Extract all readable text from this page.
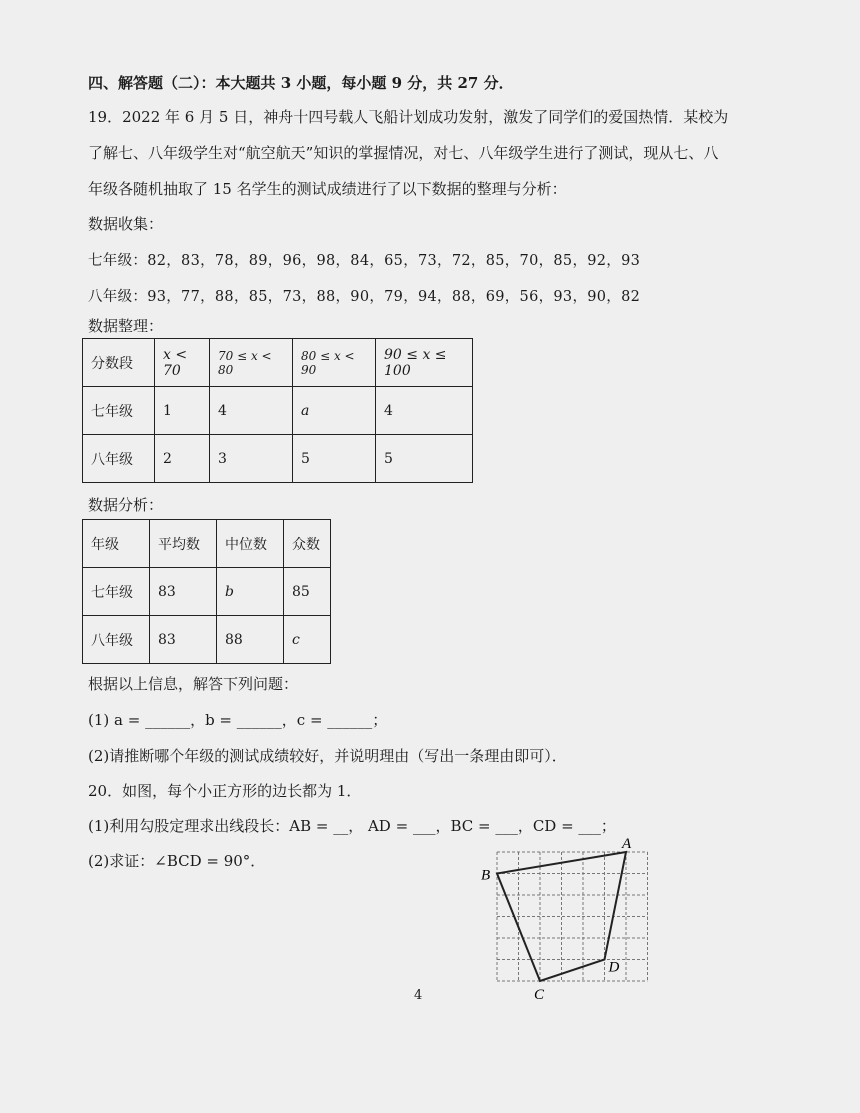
四、解答题（二）：本大题共 3 小题，每小题 9 分，共 27 分．
19．2022 年 6 月 5 日，神舟十四号载人飞船计划成功发射，激发了同学们的爱国热情．某校为
了解七、八年级学生对“航空航天”知识的掌握情况，对七、八年级学生进行了测试，现从七、八
年级各随机抽取了 15 名学生的测试成绩进行了以下数据的整理与分析：
数据收集：
七年级：82，83，78，89，96，98，84，65，73，72，85，70，85，92，93
八年级：93，77，88，85，73，88，90，79，94，88，69，56，93，90，82
数据整理：
分数段	x < 70	70 ≤ x < 80	80 ≤ x < 90	90 ≤ x ≤ 100
七年级	1	4	a	4
八年级	2	3	5	5
数据分析：
年级	平均数	中位数	众数
七年级	83	b	85
八年级	83	88	c
根据以上信息，解答下列问题：
(1) a = ______，b = ______，c = ______；
(2)请推断哪个年级的测试成绩较好，并说明理由（写出一条理由即可）．
20．如图，每个小正方形的边长都为 1．
(1)利用勾股定理求出线段长：AB = __， AD = ___，BC = ___，CD = ___；
(2)求证：∠BCD = 90°．
A
B
C
D
4
